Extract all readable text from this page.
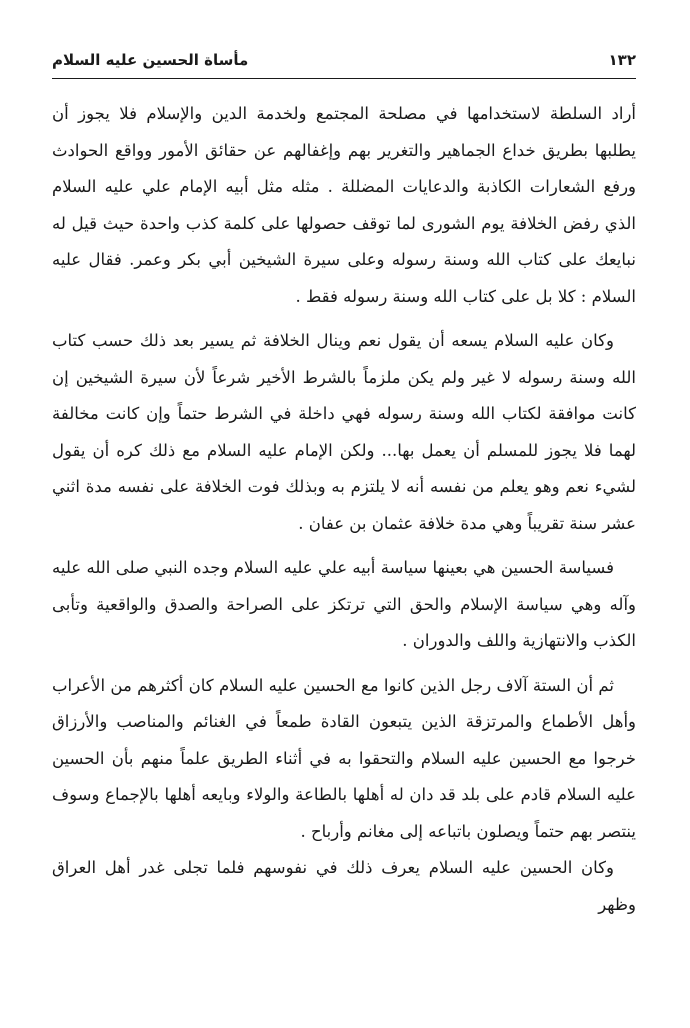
١٣٢
مأساة الحسين عليه السلام

أراد السلطة لاستخدامها في مصلحة المجتمع ولخدمة الدين والإسلام فلا يجوز أن يطلبها بطريق خداع الجماهير والتغرير بهم وإغفالهم عن حقائق الأمور وواقع الحوادث ورفع الشعارات الكاذبة والدعايات المضللة . مثله مثل أبيه الإمام علي عليه السلام الذي رفض الخلافة يوم الشورى لما توقف حصولها على كلمة كذب واحدة حيث قيل له نبايعك على كتاب الله وسنة رسوله وعلى سيرة الشيخين أبي بكر وعمر. فقال عليه السلام : كلا بل على كتاب الله وسنة رسوله فقط .

وكان عليه السلام يسعه أن يقول نعم وينال الخلافة ثم يسير بعد ذلك حسب كتاب الله وسنة رسوله لا غير ولم يكن ملزماً بالشرط الأخير شرعاً لأن سيرة الشيخين إن كانت موافقة لكتاب الله وسنة رسوله فهي داخلة في الشرط حتماً وإن كانت مخالفة لهما فلا يجوز للمسلم أن يعمل بها... ولكن الإمام عليه السلام مع ذلك كره أن يقول لشيء نعم وهو يعلم من نفسه أنه لا يلتزم به وبذلك فوت الخلافة على نفسه مدة اثني عشر سنة تقريباً وهي مدة خلافة عثمان بن عفان .

فسياسة الحسين هي بعينها سياسة أبيه علي عليه السلام وجده النبي صلى الله عليه وآله وهي سياسة الإسلام والحق التي ترتكز على الصراحة والصدق والواقعية وتأبى الكذب والانتهازية واللف والدوران .

ثم أن الستة آلاف رجل الذين كانوا مع الحسين عليه السلام كان أكثرهم من الأعراب وأهل الأطماع والمرتزقة الذين يتبعون القادة طمعاً في الغنائم والمناصب والأرزاق خرجوا مع الحسين عليه السلام والتحقوا به في أثناء الطريق علماً منهم بأن الحسين عليه السلام قادم على بلد قد دان له أهلها بالطاعة والولاء وبايعه أهلها بالإجماع وسوف ينتصر بهم حتماً ويصلون باتباعه إلى مغانم وأرباح .

وكان الحسين عليه السلام يعرف ذلك في نفوسهم فلما تجلى غدر أهل العراق وظهر
